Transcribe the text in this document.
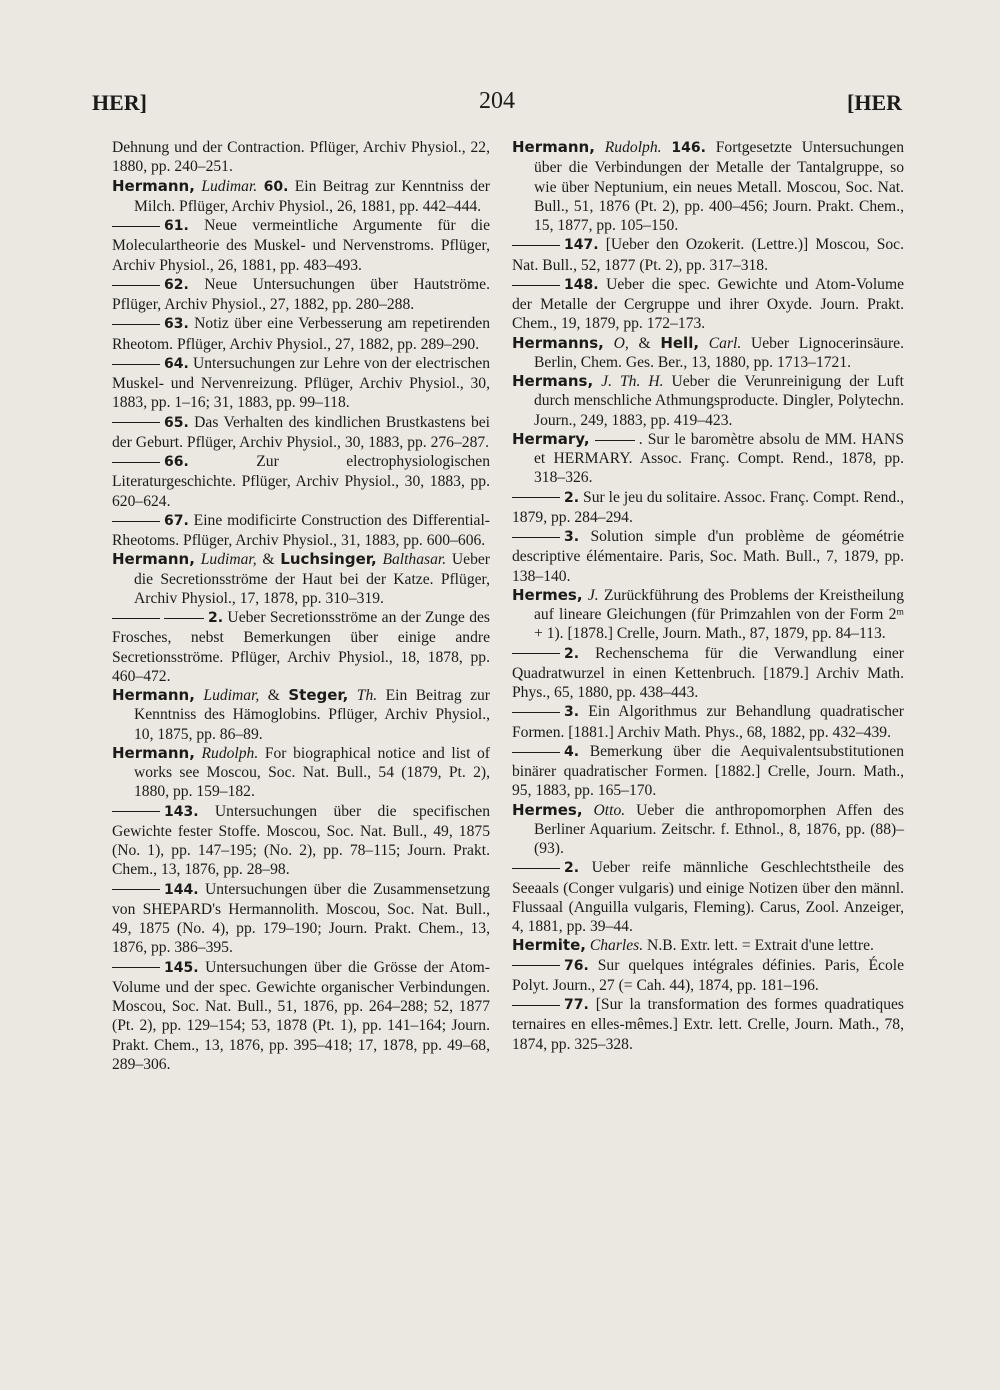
HER]	204	[HER

Dehnung und der Contraction. Pflüger, Archiv Physiol., 22, 1880, pp. 240–251.

Hermann, Ludimar. 60. Ein Beitrag zur Kenntniss der Milch. Pflüger, Archiv Physiol., 26, 1881, pp. 442–444.

61. Neue vermeintliche Argumente für die Moleculartheorie des Muskel- und Nervenstroms. Pflüger, Archiv Physiol., 26, 1881, pp. 483–493.

62. Neue Untersuchungen über Hautströme. Pflüger, Archiv Physiol., 27, 1882, pp. 280–288.

63. Notiz über eine Verbesserung am repetirenden Rheotom. Pflüger, Archiv Physiol., 27, 1882, pp. 289–290.

64. Untersuchungen zur Lehre von der electrischen Muskel- und Nervenreizung. Pflüger, Archiv Physiol., 30, 1883, pp. 1–16; 31, 1883, pp. 99–118.

65. Das Verhalten des kindlichen Brustkastens bei der Geburt. Pflüger, Archiv Physiol., 30, 1883, pp. 276–287.

66. Zur electrophysiologischen Literaturgeschichte. Pflüger, Archiv Physiol., 30, 1883, pp. 620–624.

67. Eine modificirte Construction des Differential-Rheotoms. Pflüger, Archiv Physiol., 31, 1883, pp. 600–606.

Hermann, Ludimar, & Luchsinger, Balthasar. Ueber die Secretionsströme der Haut bei der Katze. Pflüger, Archiv Physiol., 17, 1878, pp. 310–319.

2. Ueber Secretionsströme an der Zunge des Frosches, nebst Bemerkungen über einige andre Secretionsströme. Pflüger, Archiv Physiol., 18, 1878, pp. 460–472.

Hermann, Ludimar, & Steger, Th. Ein Beitrag zur Kenntniss des Hämoglobins. Pflüger, Archiv Physiol., 10, 1875, pp. 86–89.

Hermann, Rudolph. For biographical notice and list of works see Moscou, Soc. Nat. Bull., 54 (1879, Pt. 2), 1880, pp. 159–182.

143. Untersuchungen über die specifischen Gewichte fester Stoffe. Moscou, Soc. Nat. Bull., 49, 1875 (No. 1), pp. 147–195; (No. 2), pp. 78–115; Journ. Prakt. Chem., 13, 1876, pp. 28–98.

144. Untersuchungen über die Zusammensetzung von SHEPARD's Hermannolith. Moscou, Soc. Nat. Bull., 49, 1875 (No. 4), pp. 179–190; Journ. Prakt. Chem., 13, 1876, pp. 386–395.

145. Untersuchungen über die Grösse der Atom-Volume und der spec. Gewichte organischer Verbindungen. Moscou, Soc. Nat. Bull., 51, 1876, pp. 264–288; 52, 1877 (Pt. 2), pp. 129–154; 53, 1878 (Pt. 1), pp. 141–164; Journ. Prakt. Chem., 13, 1876, pp. 395–418; 17, 1878, pp. 49–68, 289–306.

Hermann, Rudolph. 146. Fortgesetzte Untersuchungen über die Verbindungen der Metalle der Tantalgruppe, so wie über Neptunium, ein neues Metall. Moscou, Soc. Nat. Bull., 51, 1876 (Pt. 2), pp. 400–456; Journ. Prakt. Chem., 15, 1877, pp. 105–150.

147. [Ueber den Ozokerit. (Lettre.)] Moscou, Soc. Nat. Bull., 52, 1877 (Pt. 2), pp. 317–318.

148. Ueber die spec. Gewichte und Atom-Volume der Metalle der Cergruppe und ihrer Oxyde. Journ. Prakt. Chem., 19, 1879, pp. 172–173.

Hermanns, O, & Hell, Carl. Ueber Lignocerinsäure. Berlin, Chem. Ges. Ber., 13, 1880, pp. 1713–1721.

Hermans, J. Th. H. Ueber die Verunreinigung der Luft durch menschliche Athmungsproducte. Dingler, Polytechn. Journ., 249, 1883, pp. 419–423.

Hermary,	. Sur le baromètre absolu de MM. HANS et HERMARY. Assoc. Franç. Compt. Rend., 1878, pp. 318–326.

2. Sur le jeu du solitaire. Assoc. Franç. Compt. Rend., 1879, pp. 284–294.

3. Solution simple d'un problème de géométrie descriptive élémentaire. Paris, Soc. Math. Bull., 7, 1879, pp. 138–140.

Hermes, J. Zurückführung des Problems der Kreistheilung auf lineare Gleichungen (für Primzahlen von der Form 2ᵐ + 1). [1878.] Crelle, Journ. Math., 87, 1879, pp. 84–113.

2. Rechenschema für die Verwandlung einer Quadratwurzel in einen Kettenbruch. [1879.] Archiv Math. Phys., 65, 1880, pp. 438–443.

3. Ein Algorithmus zur Behandlung quadratischer Formen. [1881.] Archiv Math. Phys., 68, 1882, pp. 432–439.

4. Bemerkung über die Aequivalentsubstitutionen binärer quadratischer Formen. [1882.] Crelle, Journ. Math., 95, 1883, pp. 165–170.

Hermes, Otto. Ueber die anthropomorphen Affen des Berliner Aquarium. Zeitschr. f. Ethnol., 8, 1876, pp. (88)–(93).

2. Ueber reife männliche Geschlechtstheile des Seeaals (Conger vulgaris) und einige Notizen über den männl. Flussaal (Anguilla vulgaris, Fleming). Carus, Zool. Anzeiger, 4, 1881, pp. 39–44.

Hermite, Charles. N.B. Extr. lett. = Extrait d'une lettre.

76. Sur quelques intégrales définies. Paris, École Polyt. Journ., 27 (= Cah. 44), 1874, pp. 181–196.

77. [Sur la transformation des formes quadratiques ternaires en elles-mêmes.] Extr. lett. Crelle, Journ. Math., 78, 1874, pp. 325–328.
